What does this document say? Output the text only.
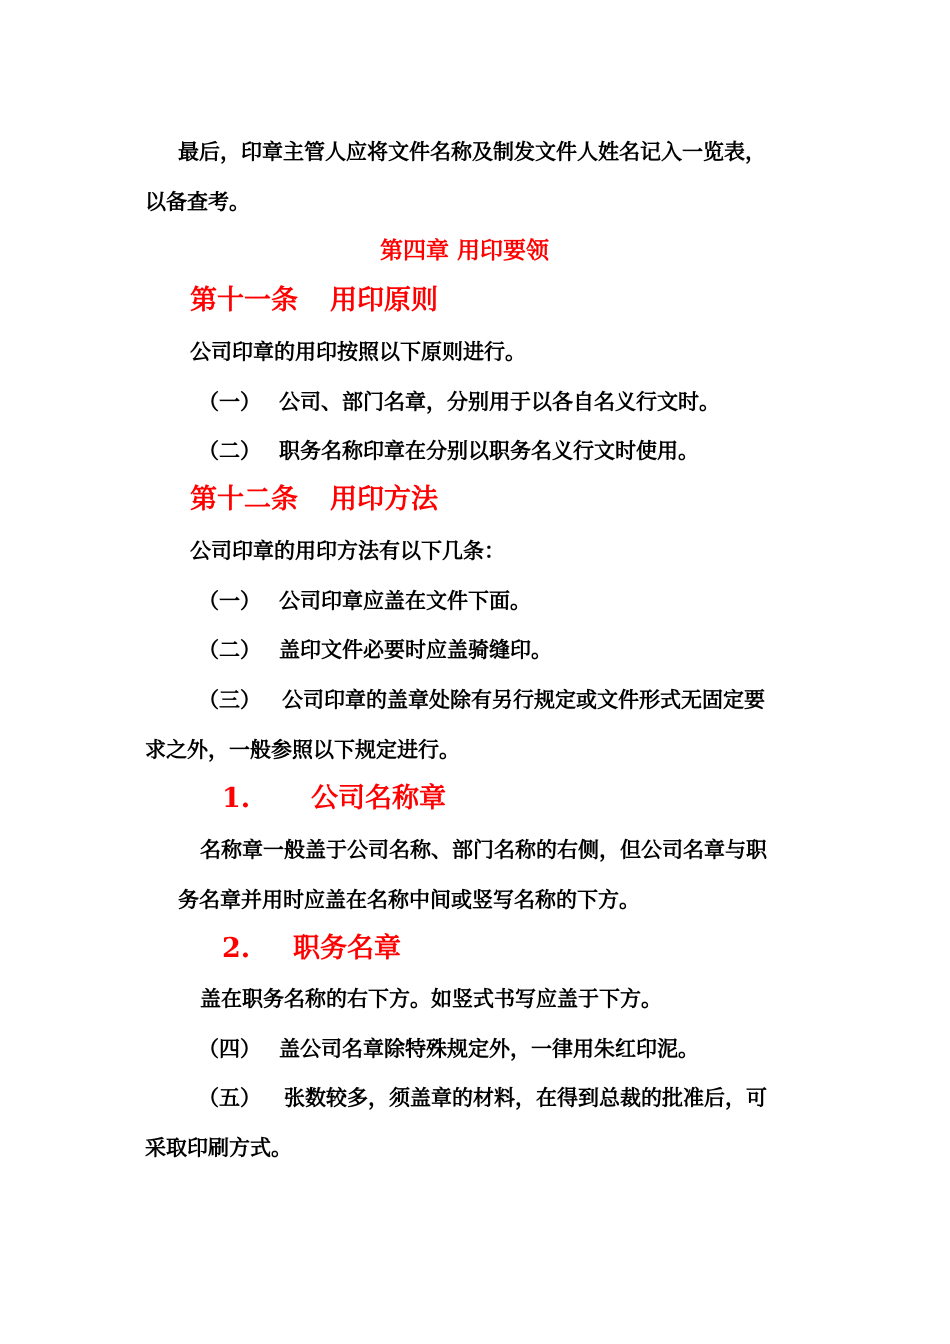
最后，印章主管人应将文件名称及制发文件人姓名记入一览表，
以备查考。
第四章 用印要领
第十一条 用印原则
公司印章的用印按照以下原则进行。
（一） 公司、部门名章，分别用于以各自名义行文时。
（二） 职务名称印章在分别以职务名义行文时使用。
第十二条 用印方法
公司印章的用印方法有以下几条：
（一） 公司印章应盖在文件下面。
（二） 盖印文件必要时应盖骑缝印。
（三） 公司印章的盖章处除有另行规定或文件形式无固定要
求之外，一般参照以下规定进行。
1. 公司名称章
名称章一般盖于公司名称、部门名称的右侧，但公司名章与职
务名章并用时应盖在名称中间或竖写名称的下方。
2. 职务名章
盖在职务名称的右下方。如竖式书写应盖于下方。
（四） 盖公司名章除特殊规定外，一律用朱红印泥。
（五） 张数较多，须盖章的材料，在得到总裁的批准后，可
采取印刷方式。
